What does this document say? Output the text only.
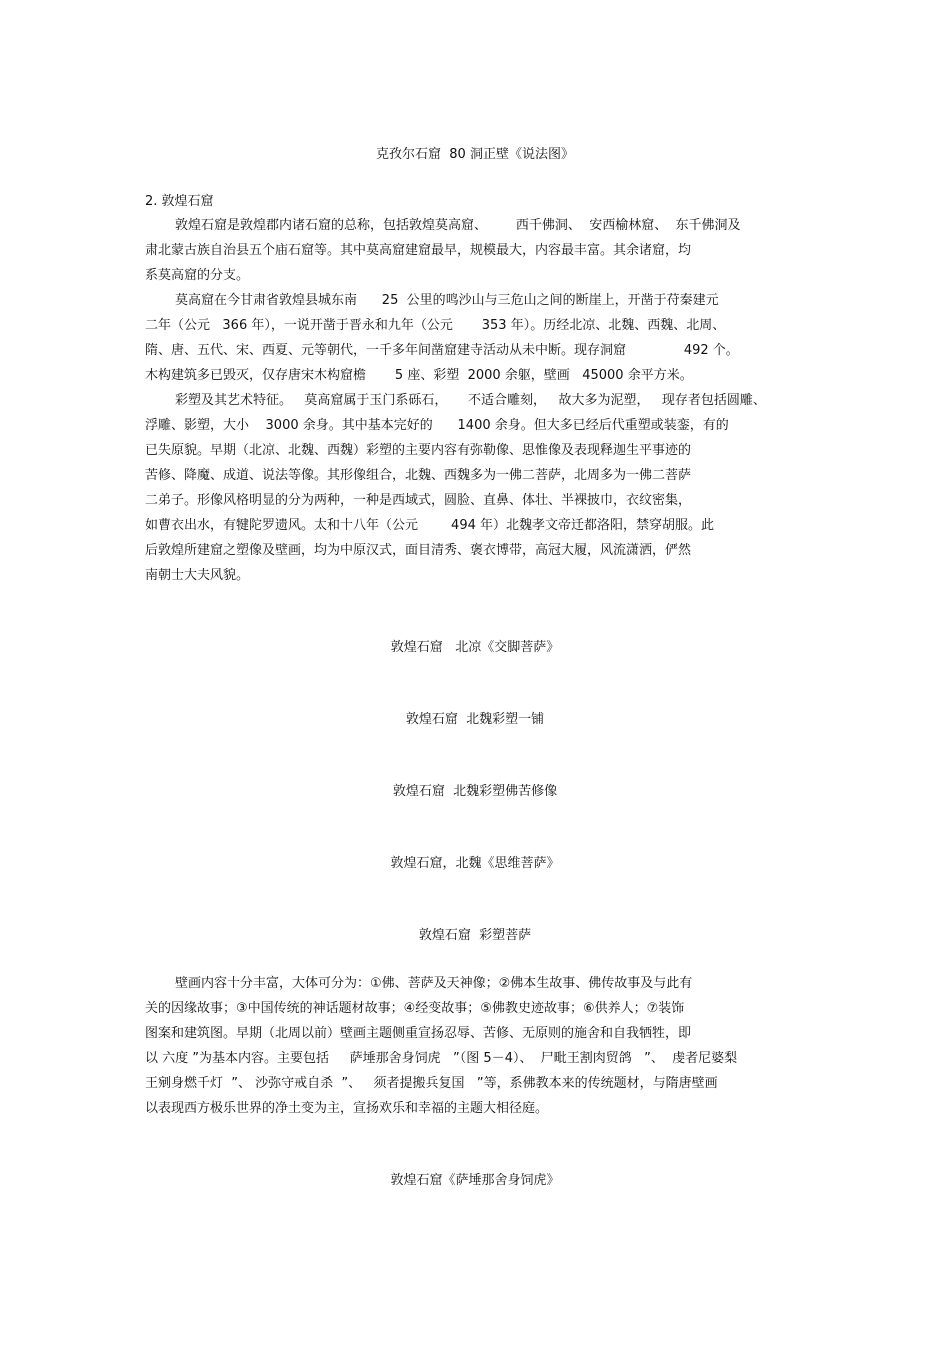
克孜尔石窟  80 洞正壁《说法图》
2. 敦煌石窟
敦煌石窟是敦煌郡内诸石窟的总称，包括敦煌莫高窟、       西千佛洞、  安西榆林窟、  东千佛洞及
肃北蒙古族自治县五个庙石窟等。其中莫高窟建窟最早，规模最大，内容最丰富。其余诸窟，均
系莫高窟的分支。
莫高窟在今甘肃省敦煌县城东南      25  公里的鸣沙山与三危山之间的断崖上，开凿于苻秦建元
二年（公元   366 年），一说开凿于晋永和九年（公元       353 年）。历经北凉、北魏、西魏、北周、
隋、唐、五代、宋、西夏、元等朝代，一千多年间凿窟建寺活动从未中断。现存洞窟              492 个。
木构建筑多已毁灭，仅存唐宋木构窟檐       5 座、彩塑  2000 余躯，壁画   45000 余平方米。
彩塑及其艺术特征。   莫高窟属于玉门系砾石，     不适合雕刻，   故大多为泥塑，   现存者包括圆雕、
浮雕、影塑，大小    3000 余身。其中基本完好的      1400 余身。但大多已经后代重塑或装銮，有的
已失原貌。早期（北凉、北魏、西魏）彩塑的主要内容有弥勒像、思惟像及表现释迦生平事迹的
苦修、降魔、成道、说法等像。其形像组合，北魏、西魏多为一佛二菩萨，北周多为一佛二菩萨
二弟子。形像风格明显的分为两种，一种是西域式，圆脸、直鼻、体壮、半裸披巾，衣纹密集，
如曹衣出水，有犍陀罗遗风。太和十八年（公元        494 年）北魏孝文帝迁都洛阳，禁穿胡服。此
后敦煌所建窟之塑像及壁画，均为中原汉式，面目清秀、褒衣博带，高冠大履，风流潇洒，俨然
南朝士大夫风貌。
敦煌石窟   北凉《交脚菩萨》
敦煌石窟  北魏彩塑一铺
敦煌石窟  北魏彩塑佛苦修像
敦煌石窟，北魏《思维菩萨》
敦煌石窟  彩塑菩萨
壁画内容十分丰富，大体可分为：①佛、菩萨及天神像；②佛本生故事、佛传故事及与此有
关的因缘故事；③中国传统的神话题材故事；④经变故事；⑤佛教史迹故事；⑥供养人；⑦装饰
图案和建筑图。早期（北周以前）壁画主题侧重宣扬忍辱、苦修、无原则的施舍和自我牺牲，即
以 六度 ”为基本内容。主要包括     萨埵那舍身饲虎   ”（图 5－4）、  尸毗王割肉贸鸽   ”、  虔者尼婆梨
王剜身燃千灯  ”、 沙弥守戒自杀  ”、   须者提搬兵复国   ”等，系佛教本来的传统题材，与隋唐壁画
以表现西方极乐世界的净土变为主，宣扬欢乐和幸福的主题大相径庭。
敦煌石窟《萨埵那舍身饲虎》
